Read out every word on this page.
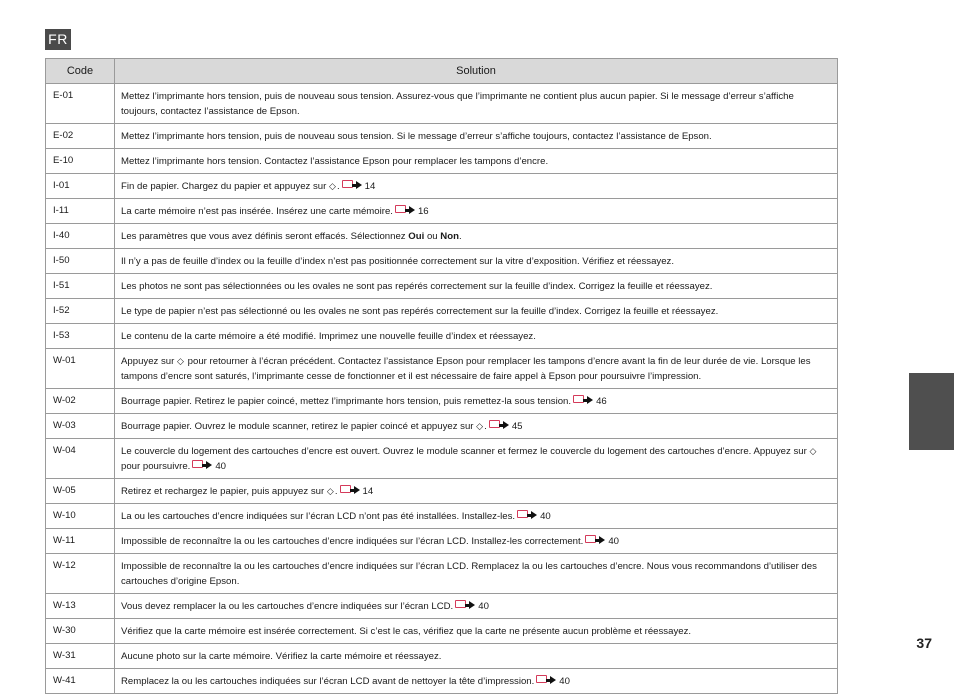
FR
Code	Solution
E-01	Mettez l’imprimante hors tension, puis de nouveau sous tension. Assurez-vous que l’imprimante ne contient plus aucun papier. Si le message d’erreur s’affiche toujours, contactez l’assistance de Epson.
E-02	Mettez l’imprimante hors tension, puis de nouveau sous tension. Si le message d’erreur s’affiche toujours, contactez l’assistance de Epson.
E-10	Mettez l’imprimante hors tension. Contactez l’assistance Epson pour remplacer les tampons d’encre.
I-01	Fin de papier. Chargez du papier et appuyez sur ◇. 14
I-11	La carte mémoire n’est pas insérée. Insérez une carte mémoire. 16
I-40	Les paramètres que vous avez définis seront effacés. Sélectionnez Oui ou Non.
I-50	Il n’y a pas de feuille d’index ou la feuille d’index n’est pas positionnée correctement sur la vitre d’exposition. Vérifiez et réessayez.
I-51	Les photos ne sont pas sélectionnées ou les ovales ne sont pas repérés correctement sur la feuille d’index. Corrigez la feuille et réessayez.
I-52	Le type de papier n’est pas sélectionné ou les ovales ne sont pas repérés correctement sur la feuille d’index. Corrigez la feuille et réessayez.
I-53	Le contenu de la carte mémoire a été modifié. Imprimez une nouvelle feuille d’index et réessayez.
W-01	Appuyez sur ◇ pour retourner à l’écran précédent. Contactez l’assistance Epson pour remplacer les tampons d’encre avant la fin de leur durée de vie. Lorsque les tampons d’encre sont saturés, l’imprimante cesse de fonctionner et il est nécessaire de faire appel à Epson pour poursuivre l’impression.
W-02	Bourrage papier. Retirez le papier coincé, mettez l’imprimante hors tension, puis remettez-la sous tension. 46
W-03	Bourrage papier. Ouvrez le module scanner, retirez le papier coincé et appuyez sur ◇. 45
W-04	Le couvercle du logement des cartouches d’encre est ouvert. Ouvrez le module scanner et fermez le couvercle du logement des cartouches d’encre. Appuyez sur ◇ pour poursuivre. 40
W-05	Retirez et rechargez le papier, puis appuyez sur ◇. 14
W-10	La ou les cartouches d’encre indiquées sur l’écran LCD n’ont pas été installées. Installez-les. 40
W-11	Impossible de reconnaître la ou les cartouches d’encre indiquées sur l’écran LCD. Installez-les correctement. 40
W-12	Impossible de reconnaître la ou les cartouches d’encre indiquées sur l’écran LCD. Remplacez la ou les cartouches d’encre. Nous vous recommandons d’utiliser des cartouches d’origine Epson.
W-13	Vous devez remplacer la ou les cartouches d’encre indiquées sur l’écran LCD. 40
W-30	Vérifiez que la carte mémoire est insérée correctement. Si c’est le cas, vérifiez que la carte ne présente aucun problème et réessayez.
W-31	Aucune photo sur la carte mémoire. Vérifiez la carte mémoire et réessayez.
W-41	Remplacez la ou les cartouches indiquées sur l’écran LCD avant de nettoyer la tête d’impression. 40
37
